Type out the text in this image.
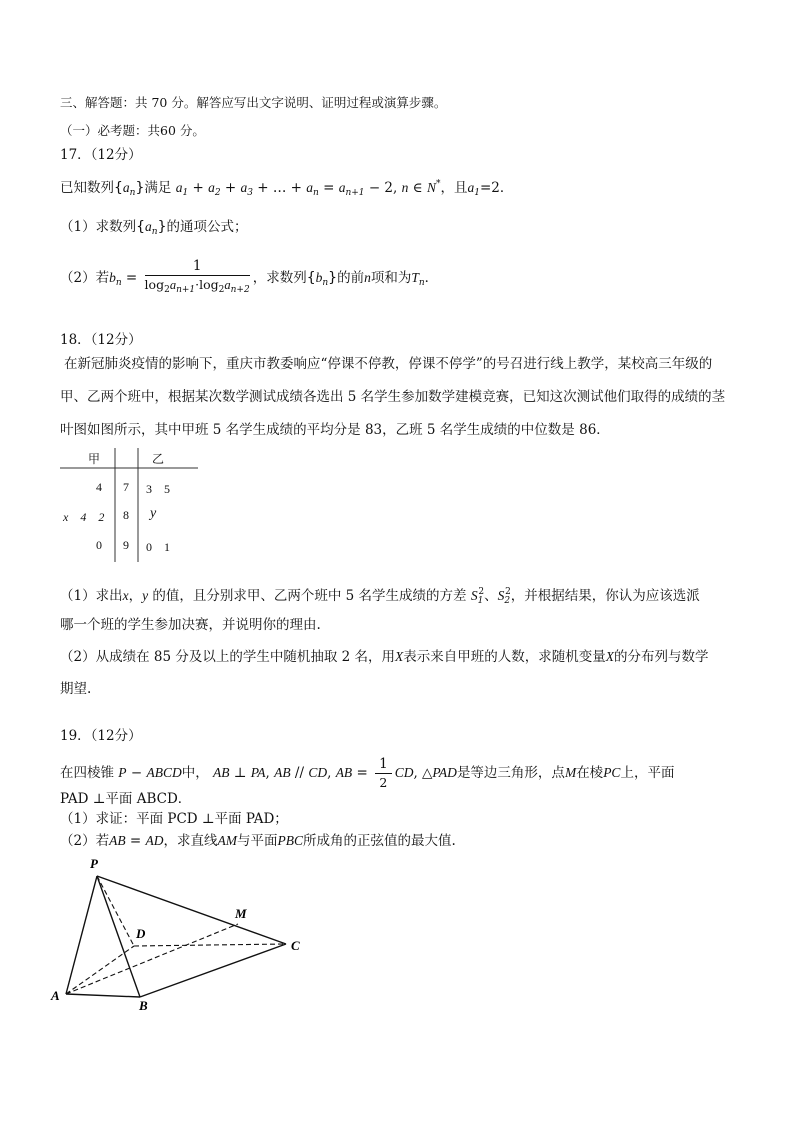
三、解答题：共 70 分。解答应写出文字说明、证明过程或演算步骤。
（一）必考题：共60 分。
17．（12分）
已知数列$\{a_n\}$满足 $a_1 + a_2 + a_3$ + … + $a_n = a_{n+1} - 2$, n ∈ N*，且$a_1=2$．
（1）求数列$\{a_n\}$的通项公式；
（2）若$b_n = \frac{1}{\log_2a_{n+1}\cdot\log_2a_{n+2}}$ ，求数列$\{b_n\}$的前n项和为$T_n$．
18．（12分）
在新冠肺炎疫情的影响下，重庆市教委响应“停课不停教，停课不停学”的号召进行线上教学，某校高三年级的
甲、乙两个班中，根据某次数学测试成绩各选出 5 名学生参加数学建模竞赛，已知这次测试他们取得的成绩的茎
叶图如图所示，其中甲班 5 名学生成绩的平均分是 83，乙班 5 名学生成绩的中位数是 86．
甲	乙
4 7 3　5
x　4　2 8 y
0 9 0　1
（1）求出x，y 的值，且分别求甲、乙两个班中 5 名学生成绩的方差 $S_1^2$、$S_2^2$，并根据结果，你认为应该选派
哪一个班的学生参加决赛，并说明你的理由.
（2）从成绩在 85 分及以上的学生中随机抽取 2 名，用X表示来自甲班的人数，求随机变量X的分布列与数学
期望.
19．（12分）
在四棱锥 P − ABCD中， AB ⊥ PA, AB // CD, AB = $\frac{1}{2}$ CD, △PAD是等边三角形，点M在棱PC上，平面
PAD ⊥平面 ABCD．
（1）求证：平面 PCD ⊥平面 PAD；
（2）若AB = AD，求直线AM与平面PBC所成角的正弦值的最大值.
P
M
D
C
A
B
